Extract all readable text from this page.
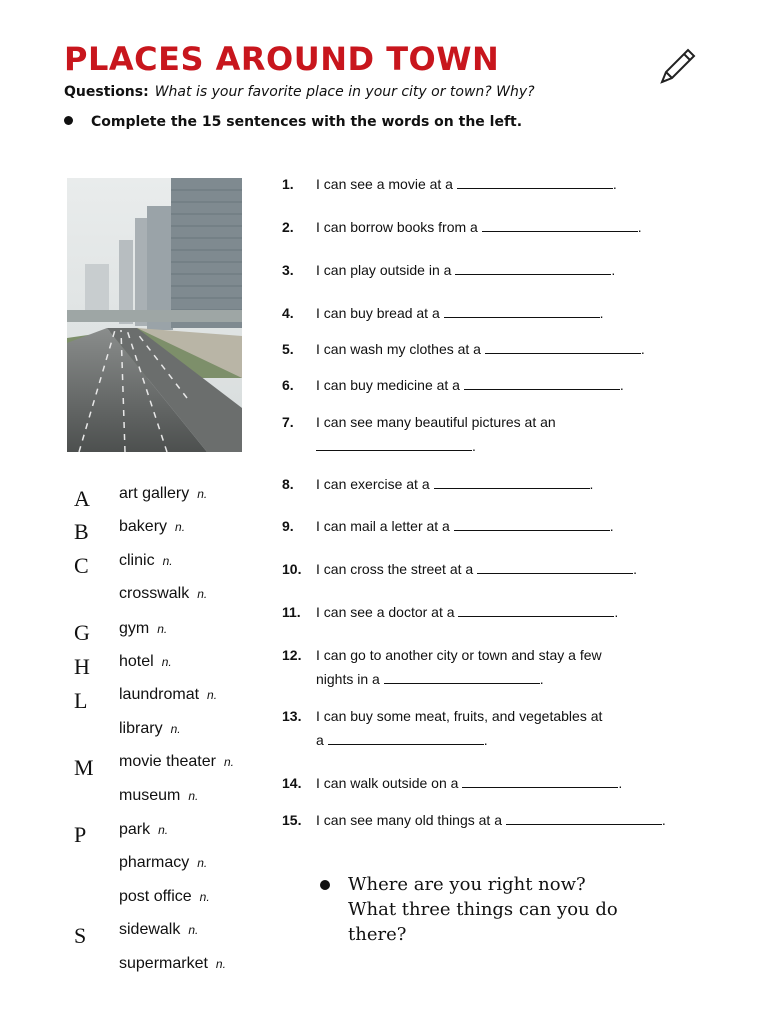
PLACES AROUND TOWN
Questions: What is your favorite place in your city or town? Why?
Complete the 15 sentences with the words on the left.
A
B
C
G
H
L
M
P
S
art gallery n.
bakery n.
clinic n.
crosswalk n.
gym n.
hotel n.
laundromat n.
library n.
movie theater n.
museum n.
park n.
pharmacy n.
post office n.
sidewalk n.
supermarket n.
1. I can see a movie at a	.
2. I can borrow books from a	.
3. I can play outside in a	.
4. I can buy bread at a	.
5. I can wash my clothes at a	.
6. I can buy medicine at a	.
7. I can see many beautiful pictures at an
.
8. I can exercise at a	.
9. I can mail a letter at a	.
10. I can cross the street at a	.
11. I can see a doctor at a	.
12. I can go to another city or town and stay a few
nights in a	.
13. I can buy some meat, fruits, and vegetables at
a	.
14. I can walk outside on a	.
15. I can see many old things at a	.
Where are you right now?
What three things can you do
there?
